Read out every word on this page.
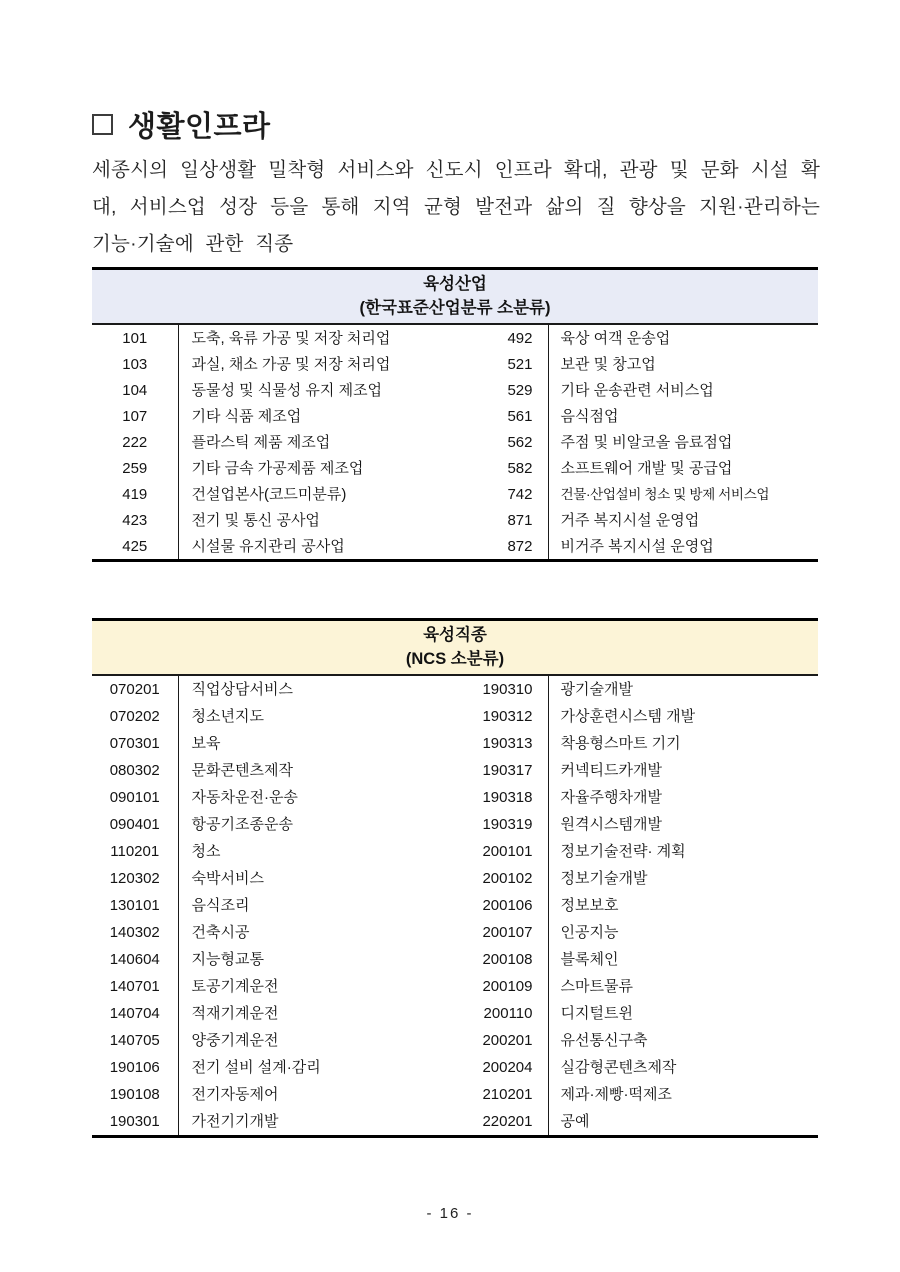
생활인프라

세종시의 일상생활 밀착형 서비스와 신도시 인프라 확대, 관광 및 문화 시설 확대, 서비스업 성장 등을 통해 지역 균형 발전과 삶의 질 향상을 지원·관리하는 기능·기술에 관한 직종

육성산업
(한국표준산업분류 소분류)
101	도축, 육류 가공 및 저장 처리업	492	육상 여객 운송업
103	과실, 채소 가공 및 저장 처리업	521	보관 및 창고업
104	동물성 및 식물성 유지 제조업	529	기타 운송관련 서비스업
107	기타 식품 제조업	561	음식점업
222	플라스틱 제품 제조업	562	주점 및 비알코올 음료점업
259	기타 금속 가공제품 제조업	582	소프트웨어 개발 및 공급업
419	건설업본사(코드미분류)	742	건물·산업설비 청소 및 방제 서비스업
423	전기 및 통신 공사업	871	거주 복지시설 운영업
425	시설물 유지관리 공사업	872	비거주 복지시설 운영업
육성직종
(NCS 소분류)
070201	직업상담서비스	190310	광기술개발
070202	청소년지도	190312	가상훈련시스템 개발
070301	보육	190313	착용형스마트 기기
080302	문화콘텐츠제작	190317	커넥티드카개발
090101	자동차운전·운송	190318	자율주행차개발
090401	항공기조종운송	190319	원격시스템개발
110201	청소	200101	정보기술전략· 계획
120302	숙박서비스	200102	정보기술개발
130101	음식조리	200106	정보보호
140302	건축시공	200107	인공지능
140604	지능형교통	200108	블록체인
140701	토공기계운전	200109	스마트물류
140704	적재기계운전	200110	디지털트윈
140705	양중기계운전	200201	유선통신구축
190106	전기 설비 설계·감리	200204	실감형콘텐츠제작
190108	전기자동제어	210201	제과·제빵·떡제조
190301	가전기기개발	220201	공예
- 16 -
